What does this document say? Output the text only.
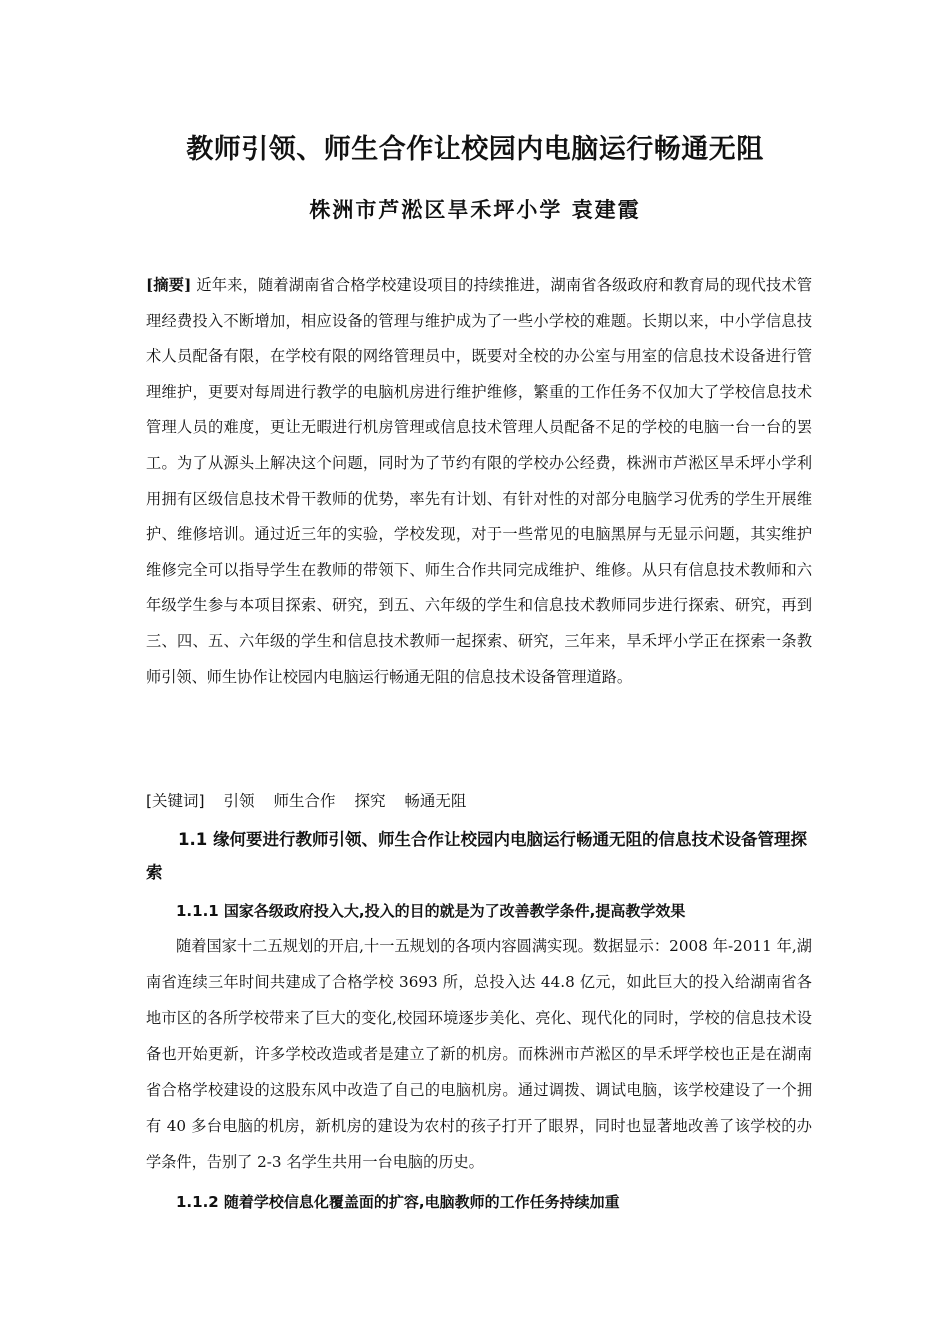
教师引领、师生合作让校园内电脑运行畅通无阻
株洲市芦淞区旱禾坪小学 袁建霞
[摘要] 近年来，随着湖南省合格学校建设项目的持续推进，湖南省各级政府和教育局的现代技术管理经费投入不断增加，相应设备的管理与维护成为了一些小学校的难题。长期以来，中小学信息技术人员配备有限，在学校有限的网络管理员中，既要对全校的办公室与用室的信息技术设备进行管理维护，更要对每周进行教学的电脑机房进行维护维修，繁重的工作任务不仅加大了学校信息技术管理人员的难度，更让无暇进行机房管理或信息技术管理人员配备不足的学校的电脑一台一台的罢工。为了从源头上解决这个问题，同时为了节约有限的学校办公经费，株洲市芦淞区旱禾坪小学利用拥有区级信息技术骨干教师的优势，率先有计划、有针对性的对部分电脑学习优秀的学生开展维护、维修培训。通过近三年的实验，学校发现，对于一些常见的电脑黑屏与无显示问题，其实维护维修完全可以指导学生在教师的带领下、师生合作共同完成维护、维修。从只有信息技术教师和六年级学生参与本项目探索、研究，到五、六年级的学生和信息技术教师同步进行探索、研究，再到三、四、五、六年级的学生和信息技术教师一起探索、研究，三年来，旱禾坪小学正在探索一条教师引领、师生协作让校园内电脑运行畅通无阻的信息技术设备管理道路。
[关键词] 引领 师生合作 探究 畅通无阻
1.1 缘何要进行教师引领、师生合作让校园内电脑运行畅通无阻的信息技术设备管理探索
1.1.1 国家各级政府投入大,投入的目的就是为了改善教学条件,提高教学效果
随着国家十二五规划的开启,十一五规划的各项内容圆满实现。数据显示：2008 年-2011 年,湖南省连续三年时间共建成了合格学校 3693 所，总投入达 44.8 亿元，如此巨大的投入给湖南省各地市区的各所学校带来了巨大的变化,校园环境逐步美化、亮化、现代化的同时，学校的信息技术设备也开始更新，许多学校改造或者是建立了新的机房。而株洲市芦淞区的旱禾坪学校也正是在湖南省合格学校建设的这股东风中改造了自己的电脑机房。通过调拨、调试电脑，该学校建设了一个拥有 40 多台电脑的机房，新机房的建设为农村的孩子打开了眼界，同时也显著地改善了该学校的办学条件，告别了 2-3 名学生共用一台电脑的历史。
1.1.2 随着学校信息化覆盖面的扩容,电脑教师的工作任务持续加重
